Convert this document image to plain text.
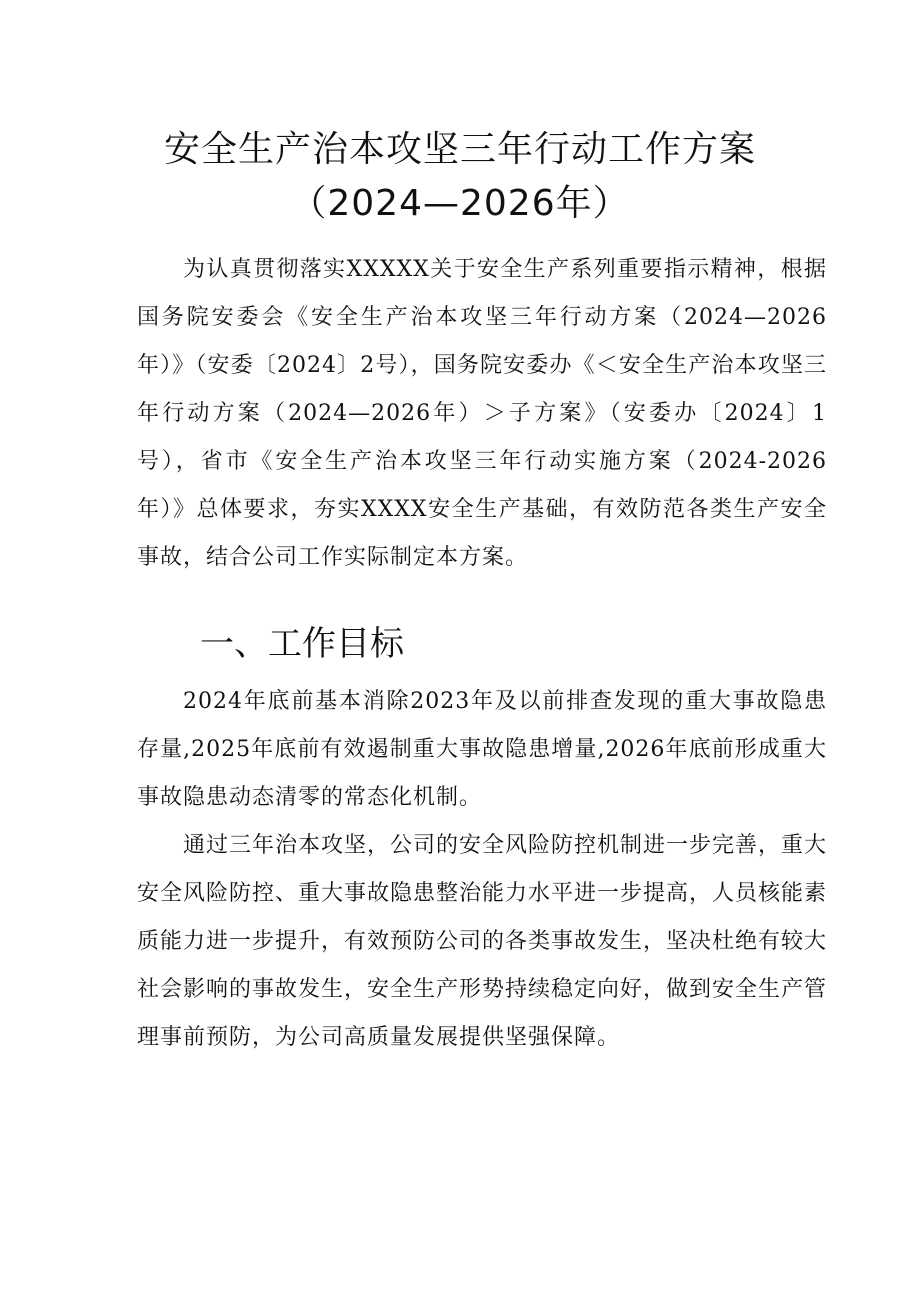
安全生产治本攻坚三年行动工作方案
（2024—2026年）

为认真贯彻落实XXXXX关于安全生产系列重要指示精神，根据国务院安委会《安全生产治本攻坚三年行动方案（2024—2026年）》（安委〔2024〕2号），国务院安委办《＜安全生产治本攻坚三年行动方案（2024—2026年）＞子方案》（安委办〔2024〕1号），省市《安全生产治本攻坚三年行动实施方案（2024-2026年）》总体要求，夯实XXXX安全生产基础，有效防范各类生产安全事故，结合公司工作实际制定本方案。

一、工作目标

2024年底前基本消除2023年及以前排查发现的重大事故隐患存量,2025年底前有效遏制重大事故隐患增量,2026年底前形成重大事故隐患动态清零的常态化机制。

通过三年治本攻坚，公司的安全风险防控机制进一步完善，重大安全风险防控、重大事故隐患整治能力水平进一步提高，人员核能素质能力进一步提升，有效预防公司的各类事故发生，坚决杜绝有较大社会影响的事故发生，安全生产形势持续稳定向好，做到安全生产管理事前预防，为公司高质量发展提供坚强保障。
